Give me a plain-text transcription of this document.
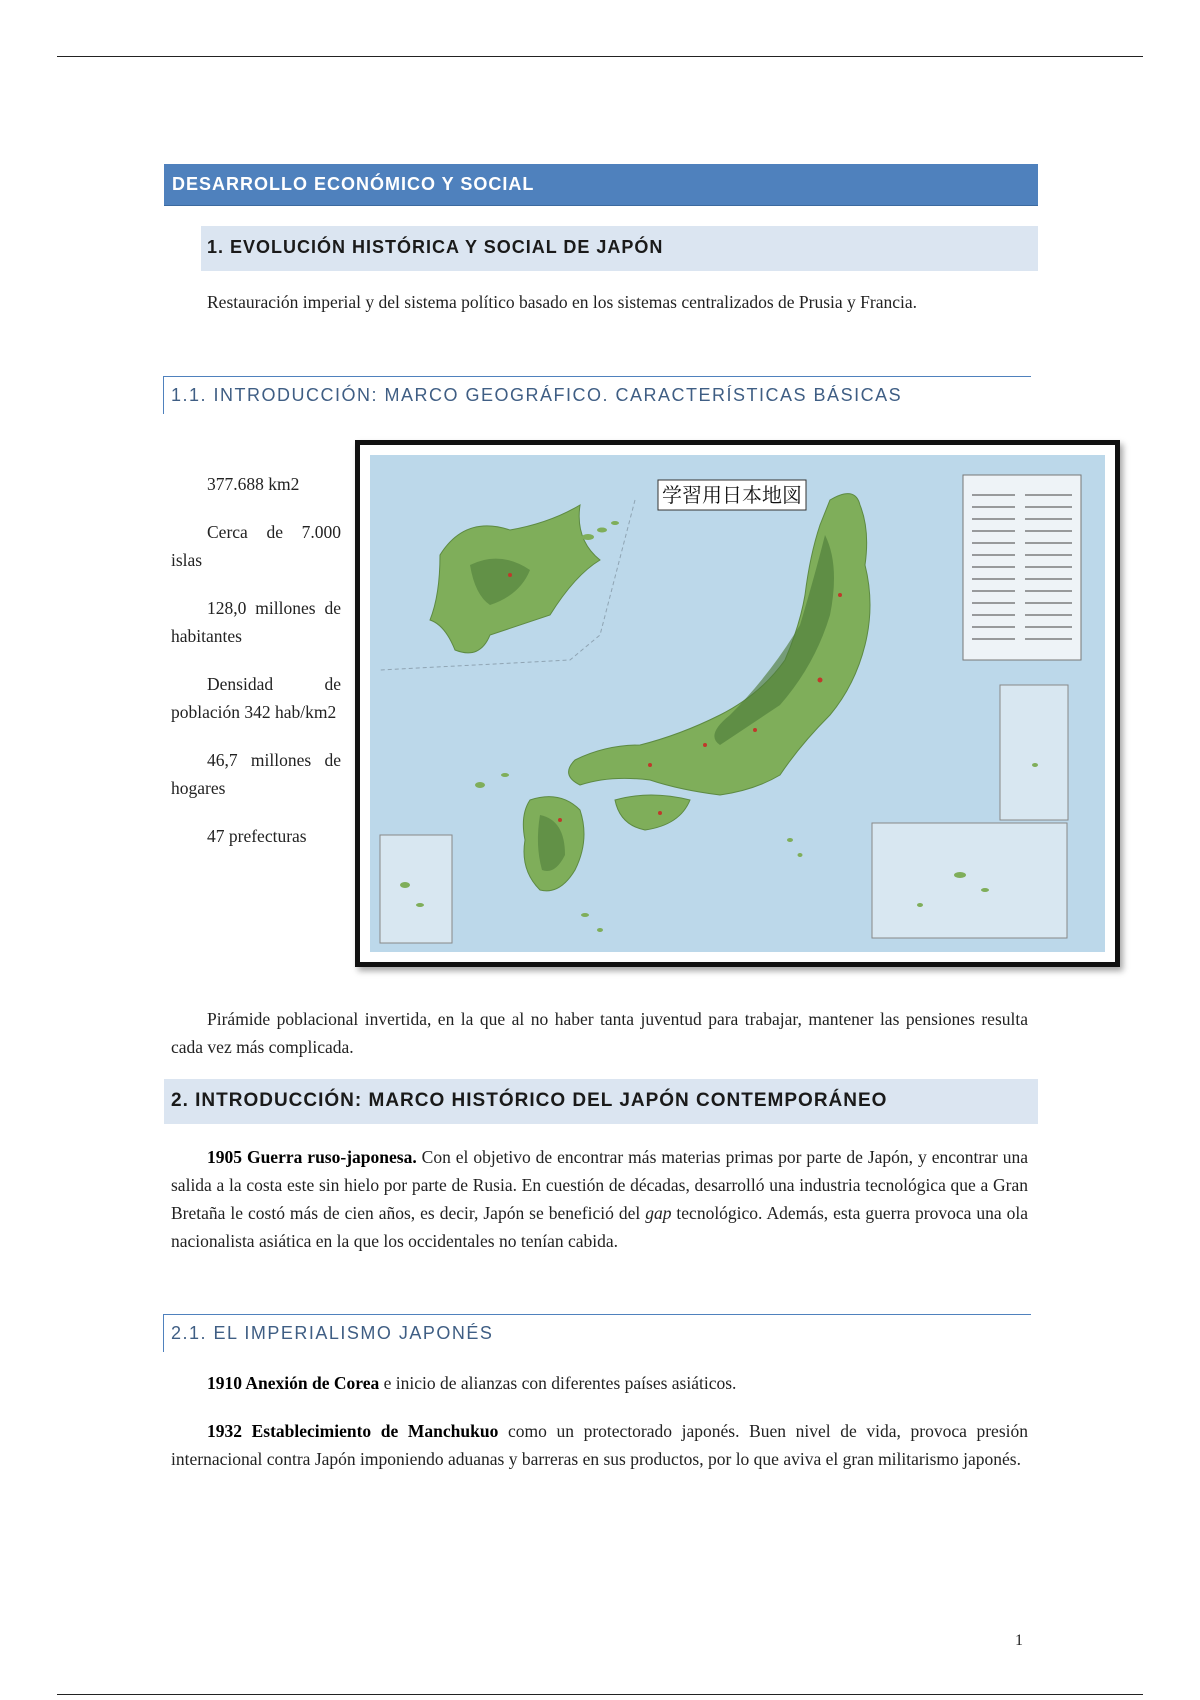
DESARROLLO ECONÓMICO Y SOCIAL
1. EVOLUCIÓN HISTÓRICA Y SOCIAL DE JAPÓN
Restauración imperial y del sistema político basado en los sistemas centralizados de Prusia y Francia.
1.1. INTRODUCCIÓN: MARCO GEOGRÁFICO. CARACTERÍSTICAS BÁSICAS
377.688 km2
Cerca de 7.000 islas
128,0 millones de habitantes
Densidad de población 342 hab/km2
46,7 millones de hogares
47 prefecturas
学習用日本地図
Pirámide poblacional invertida, en la que al no haber tanta juventud para trabajar, mantener las pensiones resulta cada vez más complicada.
2. INTRODUCCIÓN: MARCO HISTÓRICO DEL JAPÓN CONTEMPORÁNEO
1905 Guerra ruso-japonesa. Con el objetivo de encontrar más materias primas por parte de Japón, y encontrar una salida a la costa este sin hielo por parte de Rusia. En cuestión de décadas, desarrolló una industria tecnológica que a Gran Bretaña le costó más de cien años, es decir, Japón se benefició del gap tecnológico. Además, esta guerra provoca una ola nacionalista asiática en la que los occidentales no tenían cabida.
2.1. EL IMPERIALISMO JAPONÉS
1910 Anexión de Corea e inicio de alianzas con diferentes países asiáticos.
1932 Establecimiento de Manchukuo como un protectorado japonés. Buen nivel de vida, provoca presión internacional contra Japón imponiendo aduanas y barreras en sus productos, por lo que aviva el gran militarismo japonés.
1
